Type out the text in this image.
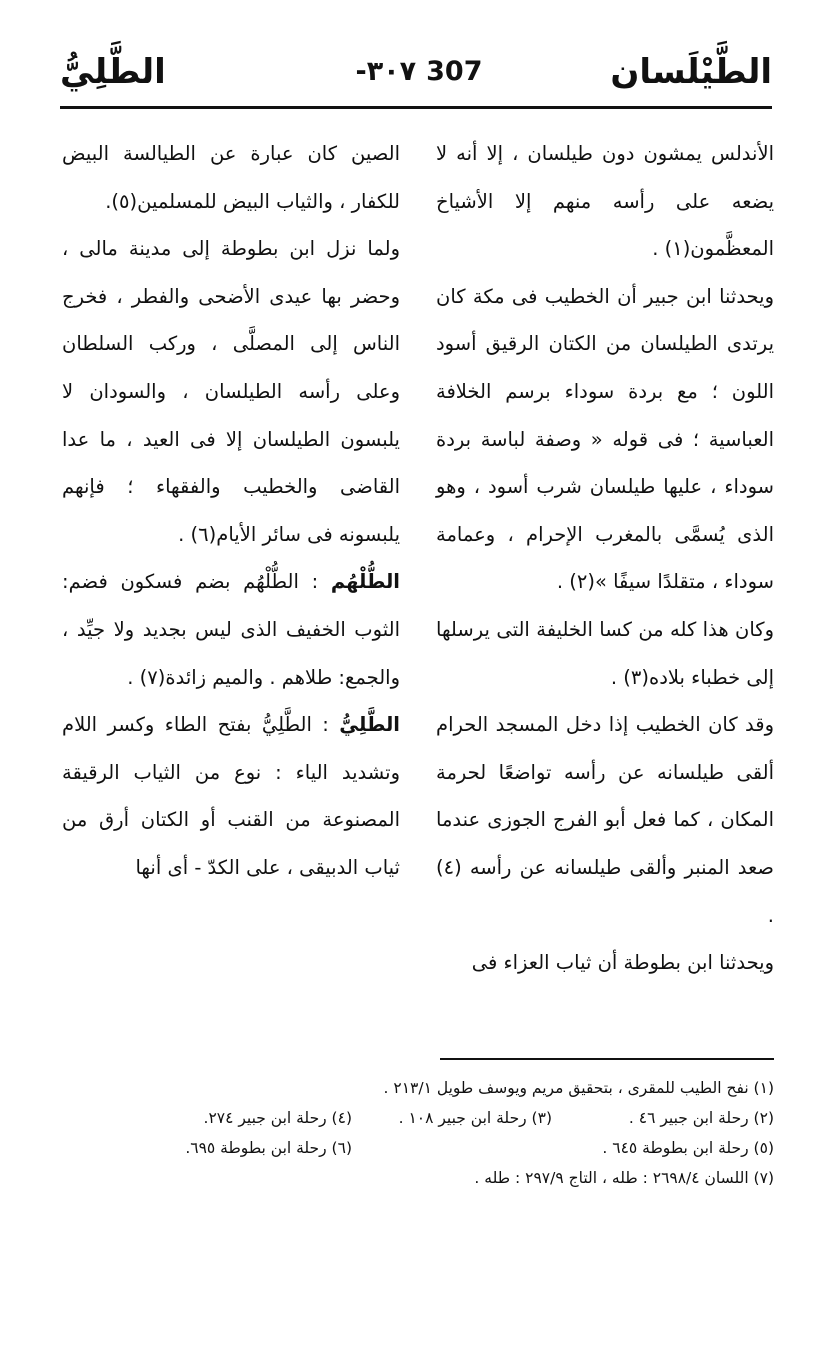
الطَّيْلَسان
-٣٠٧ 307
الطَّلِيُّ

الأندلس يمشون دون طيلسان ، إلا أنه لا يضعه على رأسه منهم إلا الأشياخ المعظَّمون(١) .

ويحدثنا ابن جبير أن الخطيب فى مكة كان يرتدى الطيلسان من الكتان الرقيق أسود اللون ؛ مع بردة سوداء برسم الخلافة العباسية ؛ فى قوله « وصفة لباسة بردة سوداء ، عليها طيلسان شرب أسود ، وهو الذى يُسمَّى بالمغرب الإحرام ، وعمامة سوداء ، متقلدًا سيفًا »(٢) .

وكان هذا كله من كسا الخليفة التى يرسلها إلى خطباء بلاده(٣) .

وقد كان الخطيب إذا دخل المسجد الحرام ألقى طيلسانه عن رأسه تواضعًا لحرمة المكان ، كما فعل أبو الفرج الجوزى عندما صعد المنبر وألقى طيلسانه عن رأسه (٤) .

ويحدثنا ابن بطوطة أن ثياب العزاء فى

الصين كان عبارة عن الطيالسة البيض للكفار ، والثياب البيض للمسلمين(٥).

ولما نزل ابن بطوطة إلى مدينة مالى ، وحضر بها عيدى الأضحى والفطر ، فخرج الناس إلى المصلَّى ، وركب السلطان وعلى رأسه الطيلسان ، والسودان لا يلبسون الطيلسان إلا فى العيد ، ما عدا القاضى والخطيب والفقهاء ؛ فإنهم يلبسونه فى سائر الأيام(٦) .

الطُّلْهُم : الطُّلْهُم بضم فسكون فضم: الثوب الخفيف الذى ليس بجديد ولا جيِّد ، والجمع: طلاهم . والميم زائدة(٧) .

الطَّلِيُّ : الطَّلِيُّ بفتح الطاء وكسر اللام وتشديد الياء : نوع من الثياب الرقيقة المصنوعة من القنب أو الكتان أرق من ثياب الدبيقى ، على الكدّ - أى أنها

(١) نفح الطيب للمقرى ، بتحقيق مريم ويوسف طويل ٢١٣/١ .
(٢) رحلة ابن جبير ٤٦ .
(٣) رحلة ابن جبير ١٠٨ .
(٤) رحلة ابن جبير ٢٧٤.
(٥) رحلة ابن بطوطة ٦٤٥ .
(٦) رحلة ابن بطوطة ٦٩٥.
(٧) اللسان ٢٦٩٨/٤ : طله ، التاج ٢٩٧/٩ : طله .
